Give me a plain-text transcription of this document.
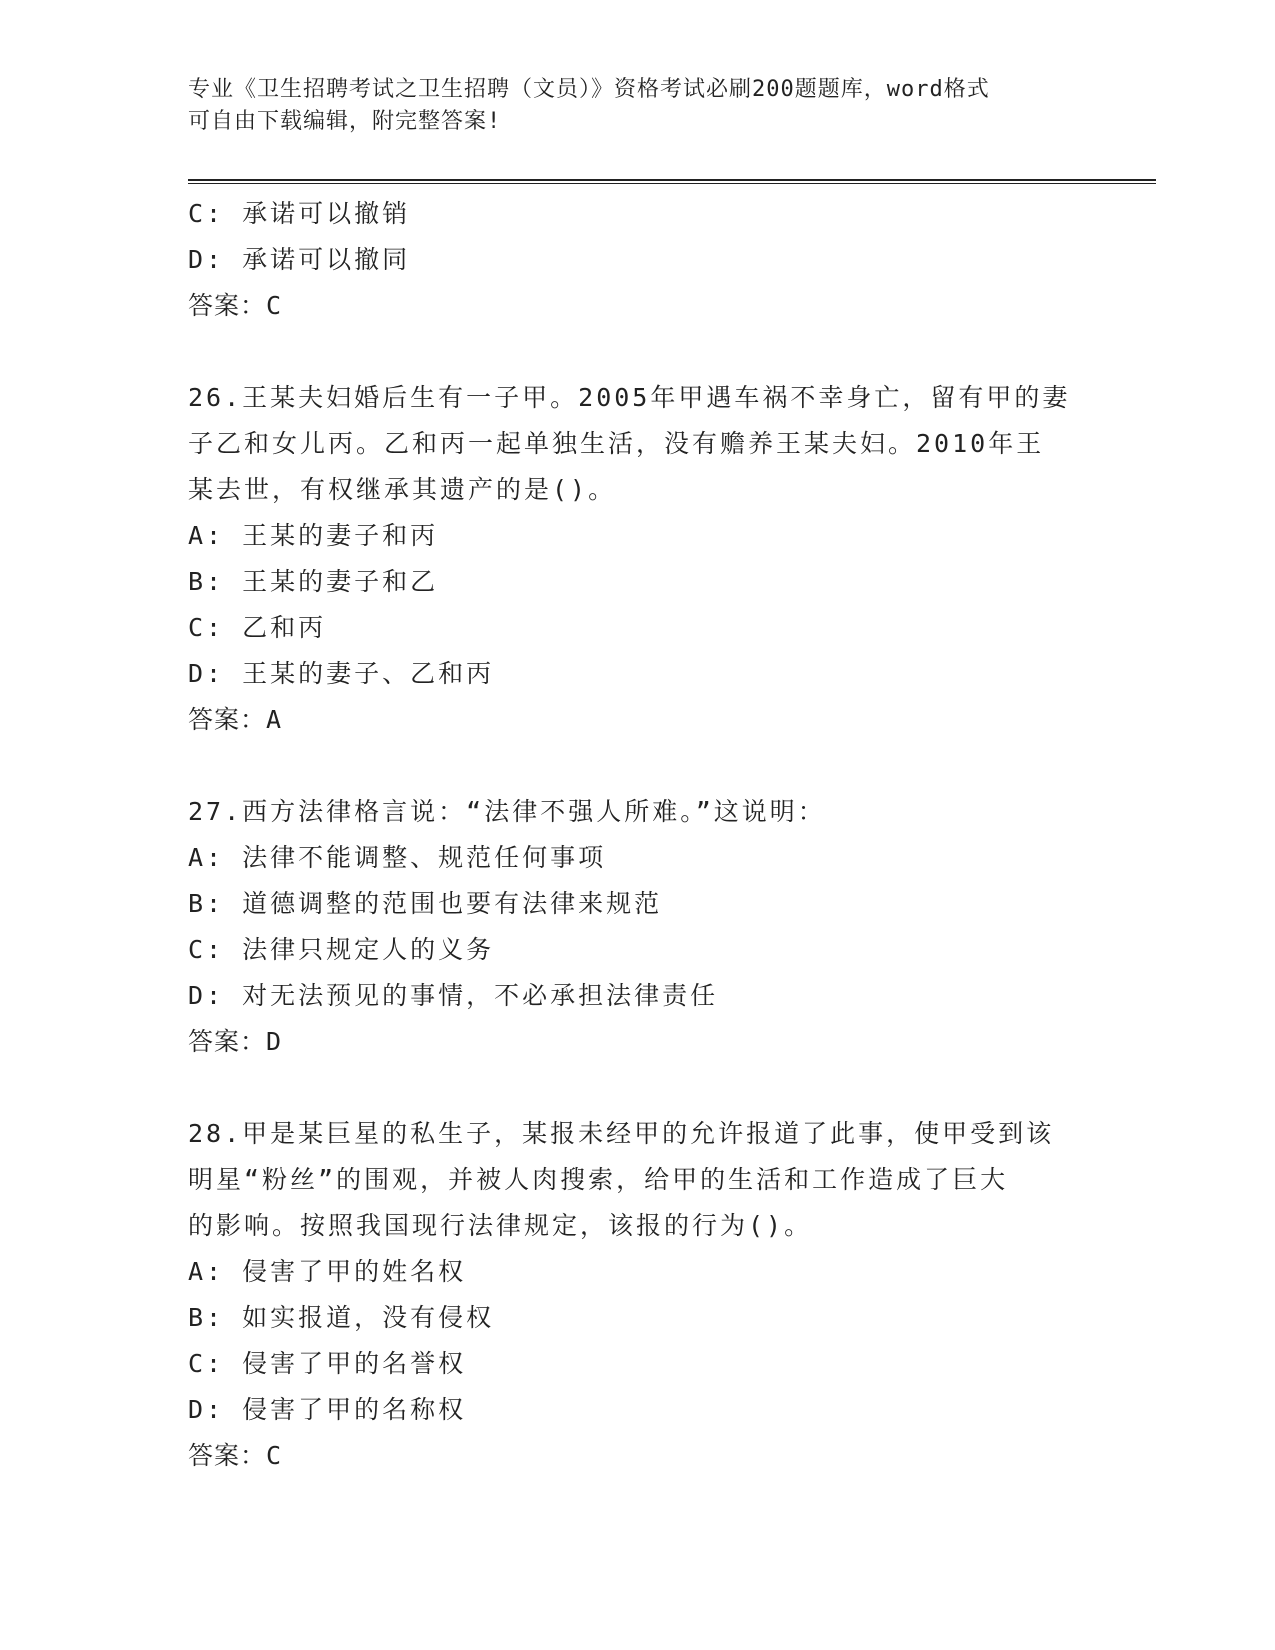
专业《卫生招聘考试之卫生招聘（文员）》资格考试必刷200题题库，word格式
可自由下载编辑，附完整答案!
C: 承诺可以撤销
D: 承诺可以撤同
答案：C
26.王某夫妇婚后生有一子甲。2005年甲遇车祸不幸身亡，留有甲的妻
子乙和女儿丙。乙和丙一起单独生活，没有赡养王某夫妇。2010年王
某去世，有权继承其遗产的是()。
A: 王某的妻子和丙
B: 王某的妻子和乙
C: 乙和丙
D: 王某的妻子、乙和丙
答案：A
27.西方法律格言说：“法律不强人所难。”这说明：
A: 法律不能调整、规范任何事项
B: 道德调整的范围也要有法律来规范
C: 法律只规定人的义务
D: 对无法预见的事情，不必承担法律责任
答案：D
28.甲是某巨星的私生子，某报未经甲的允许报道了此事，使甲受到该
明星“粉丝”的围观，并被人肉搜索，给甲的生活和工作造成了巨大
的影响。按照我国现行法律规定，该报的行为()。
A: 侵害了甲的姓名权
B: 如实报道，没有侵权
C: 侵害了甲的名誉权
D: 侵害了甲的名称权
答案：C
